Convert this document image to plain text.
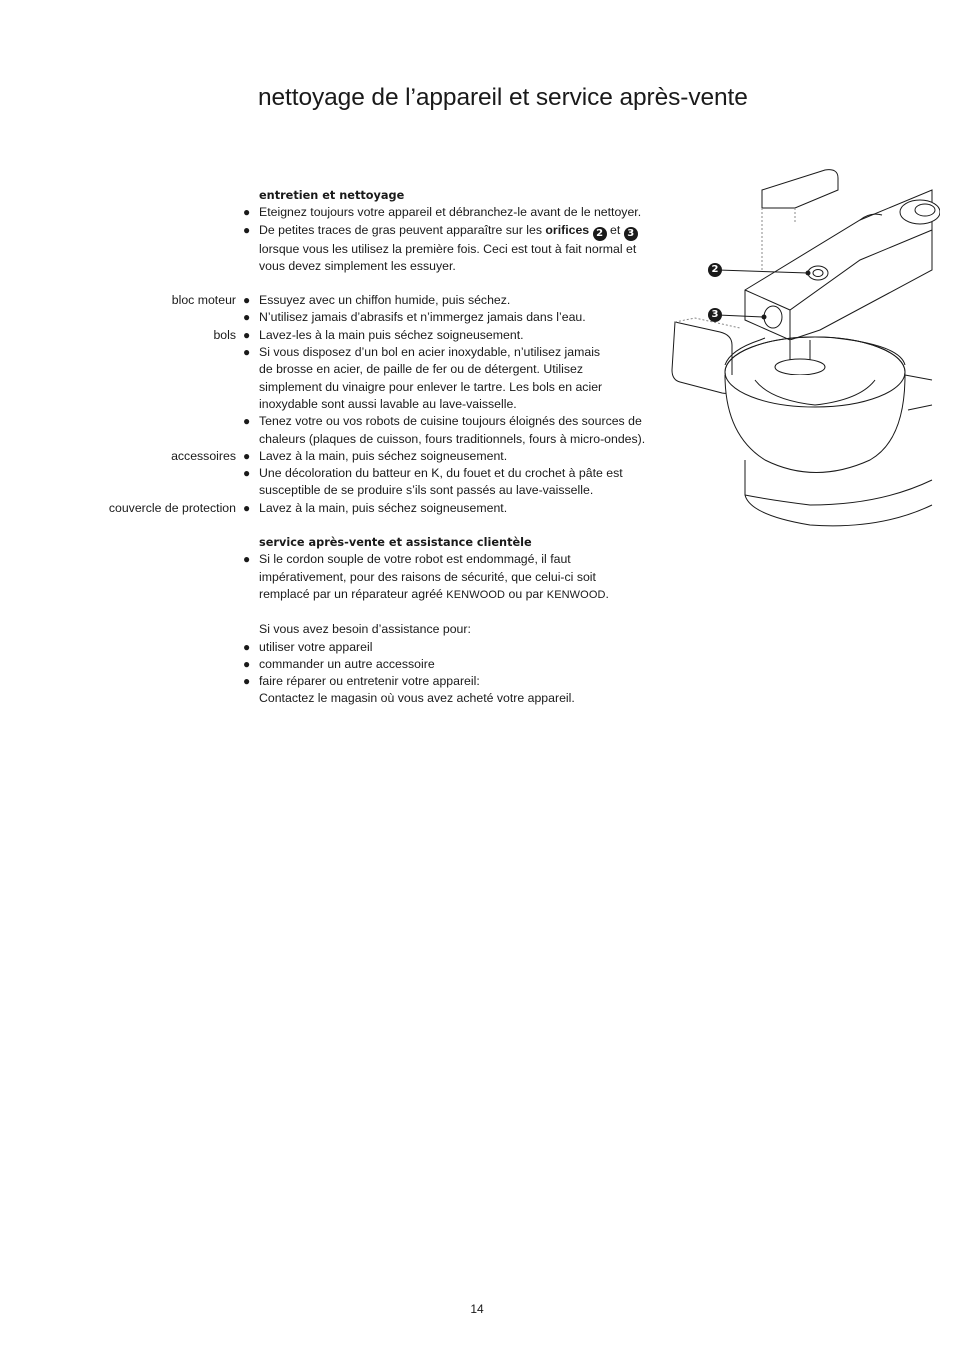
nettoyage de l’appareil et service après-vente
entretien et nettoyage
● Eteignez toujours votre appareil et débranchez-le avant de le nettoyer.
● De petites traces de gras peuvent apparaître sur les orifices 2 et 3
lorsque vous les utilisez la première fois. Ceci est tout à fait normal et
vous devez simplement les essuyer.
bloc moteur ● Essuyez avec un chiffon humide, puis séchez.
● N’utilisez jamais d’abrasifs et n’immergez jamais dans l’eau.
bols ● Lavez-les à la main puis séchez soigneusement.
● Si vous disposez d’un bol en acier inoxydable, n’utilisez jamais
de brosse en acier, de paille de fer ou de détergent. Utilisez
simplement du vinaigre pour enlever le tartre. Les bols en acier
inoxydable sont aussi lavable au lave-vaisselle.
● Tenez votre ou vos robots de cuisine toujours éloignés des sources de
chaleurs (plaques de cuisson, fours traditionnels, fours à micro-ondes).
accessoires ● Lavez à la main, puis séchez soigneusement.
● Une décoloration du batteur en K, du fouet et du crochet à pâte est
susceptible de se produire s’ils sont passés au lave-vaisselle.
couvercle de protection ● Lavez à la main, puis séchez soigneusement.
service après-vente et assistance clientèle
● Si le cordon souple de votre robot est endommagé, il faut
impérativement, pour des raisons de sécurité, que celui-ci soit
remplacé par un réparateur agréé KENWOOD ou par KENWOOD.
Si vous avez besoin d’assistance pour:
● utiliser votre appareil
● commander un autre accessoire
● faire réparer ou entretenir votre appareil:
Contactez le magasin où vous avez acheté votre appareil.
2
3
14
